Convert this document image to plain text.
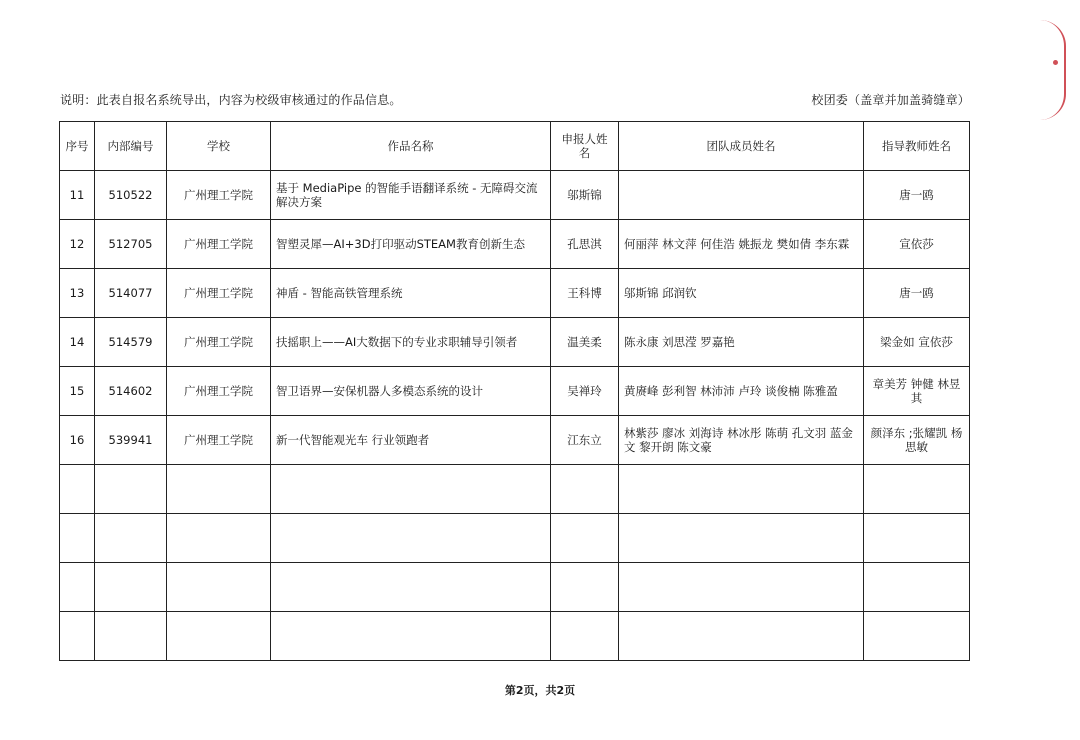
说明：此表自报名系统导出，内容为校级审核通过的作品信息。	校团委（盖章并加盖骑缝章）
序号	内部编号	学校	作品名称	申报人姓名	团队成员姓名	指导教师姓名
11	510522	广州理工学院	基于 MediaPipe 的智能手语翻译系统 - 无障碍交流解决方案	邬斯锦		唐一鸥
12	512705	广州理工学院	智塑灵犀—AI+3D打印驱动STEAM教育创新生态	孔思淇	何丽萍 林文萍 何佳浩 姚振龙 樊如倩 李东霖	宣依莎
13	514077	广州理工学院	神盾 - 智能高铁管理系统	王科博	邬斯锦 邱润钦	唐一鸥
14	514579	广州理工学院	扶摇职上——AI大数据下的专业求职辅导引领者	温美柔	陈永康 刘思滢 罗嘉艳	梁金如 宣依莎
15	514602	广州理工学院	智卫语界—安保机器人多模态系统的设计	吴禅玲	黄赓峰 彭利智 林沛沛 卢玲 谈俊楠 陈雅盈	章美芳 钟健 林昱其
16	539941	广州理工学院	新一代智能观光车 行业领跑者	江东立	林紫莎 廖冰 刘海诗 林冰彤 陈萌 孔文羽 蓝金文 黎开朗 陈文豪	颜泽东 ;张耀凯 杨思敏

第2页，共2页
